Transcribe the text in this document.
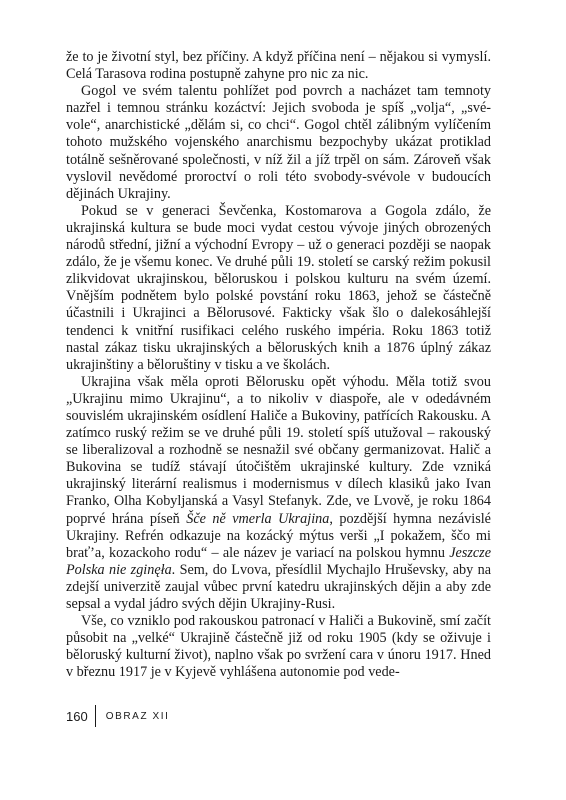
že to je životní styl, bez příčiny. A když příčina není – nějakou si vymyslí. Celá Tarasova rodina postupně zahyne pro nic za nic.

Gogol ve svém talentu pohlížet pod povrch a nacházet tam temnoty nazřel i temnou stránku kozáctví: Jejich svoboda je spíš „volja“, „svévole“, anarchistické „dělám si, co chci“. Gogol chtěl zálibným vylíčením tohoto mužského vojenského anarchismu bezpochyby ukázat protiklad totálně sešněrované společnosti, v níž žil a jíž trpěl on sám. Zároveň však vyslovil nevědomé proroctví o roli této svobody-svévole v budoucích dějinách Ukrajiny.

Pokud se v generaci Ševčenka, Kostomarova a Gogola zdálo, že ukrajinská kultura se bude moci vydat cestou vývoje jiných obrozených národů střední, jižní a východní Evropy – už o generaci později se naopak zdálo, že je všemu konec. Ve druhé půli 19. století se carský režim pokusil zlikvidovat ukrajinskou, běloruskou i polskou kulturu na svém území. Vnějším podnětem bylo polské povstání roku 1863, jehož se částečně účastnili i Ukrajinci a Bělorusové. Fakticky však šlo o dalekosáhlejší tendenci k vnitřní rusifikaci celého ruského impéria. Roku 1863 totiž nastal zákaz tisku ukrajinských a běloruských knih a 1876 úplný zákaz ukrajinštiny a běloruštiny v tisku a ve školách.

Ukrajina však měla oproti Bělorusku opět výhodu. Měla totiž svou „Ukrajinu mimo Ukrajinu“, a to nikoliv v diaspoře, ale v odedávném souvislém ukrajinském osídlení Haliče a Bukoviny, patřících Rakousku. A zatímco ruský režim se ve druhé půli 19. století spíš utužoval – rakouský se liberalizoval a rozhodně se nesnažil své občany germanizovat. Halič a Bukovina se tudíž stávají útočištěm ukrajinské kultury. Zde vzniká ukrajinský literární realismus i modernismus v dílech klasiků jako Ivan Franko, Olha Kobyljanská a Vasyl Stefanyk. Zde, ve Lvově, je roku 1864 poprvé hrána píseň Šče ně vmerla Ukrajina, pozdější hymna nezávislé Ukrajiny. Refrén odkazuje na kozácký mýtus verši „I pokažem, ščo mi brať’a, kozackoho rodu“ – ale název je variací na polskou hymnu Jeszcze Polska nie zginęła. Sem, do Lvova, přesídlil Mychajlo Hruševsky, aby na zdejší univerzitě zaujal vůbec první katedru ukrajinských dějin a aby zde sepsal a vydal jádro svých dějin Ukrajiny-Rusi.

Vše, co vzniklo pod rakouskou patronací v Haliči a Bukovině, smí začít působit na „velké“ Ukrajině částečně již od roku 1905 (kdy se oživuje i běloruský kulturní život), naplno však po svržení cara v únoru 1917. Hned v březnu 1917 je v Kyjevě vyhlášena autonomie pod vede-

160 OBRAZ XII
